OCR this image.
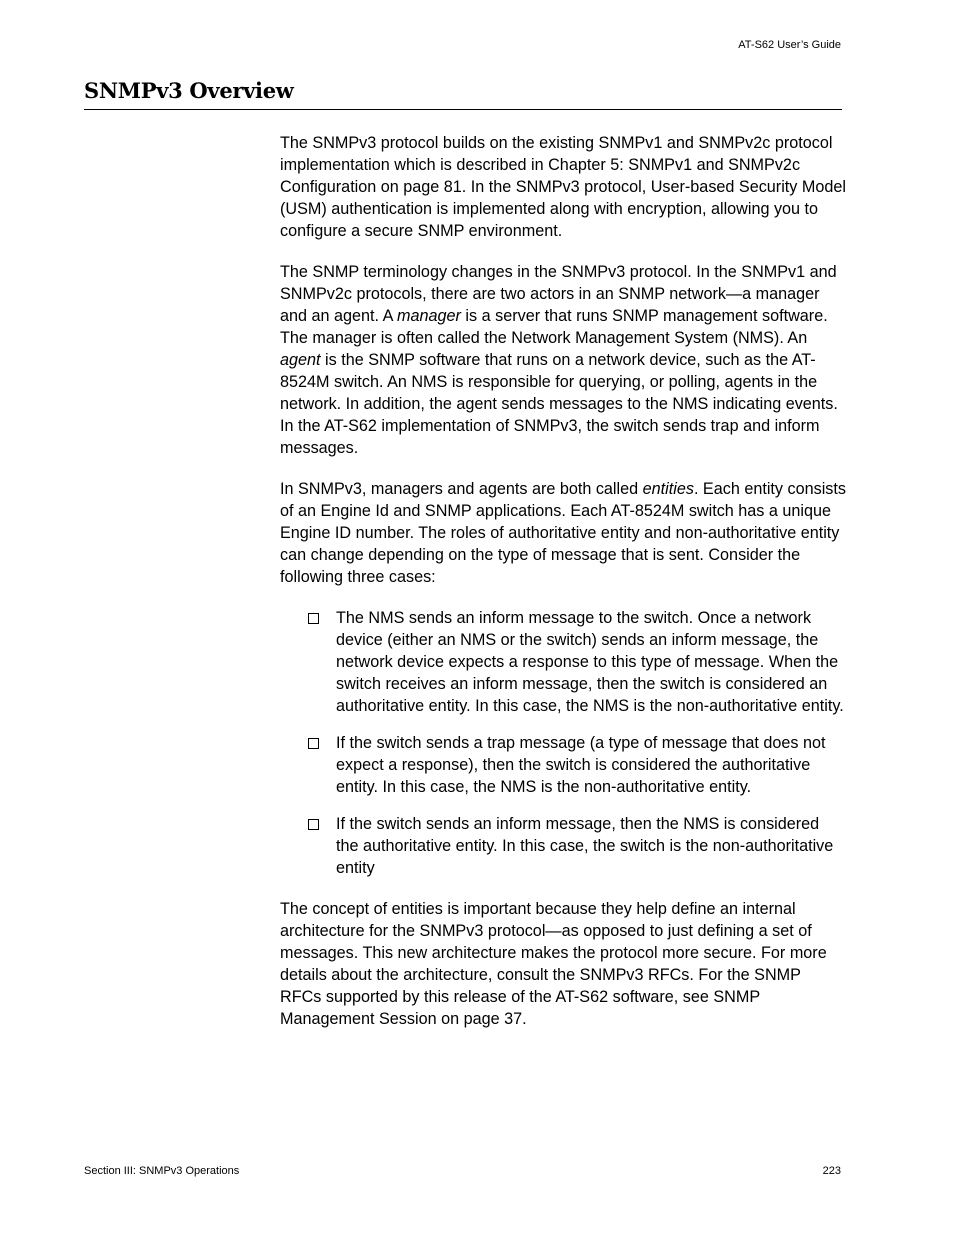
AT-S62 User’s Guide
SNMPv3 Overview

The SNMPv3 protocol builds on the existing SNMPv1 and SNMPv2c protocol implementation which is described in Chapter 5: SNMPv1 and SNMPv2c Configuration on page 81. In the SNMPv3 protocol, User-based Security Model (USM) authentication is implemented along with encryption, allowing you to configure a secure SNMP environment.

The SNMP terminology changes in the SNMPv3 protocol. In the SNMPv1 and SNMPv2c protocols, there are two actors in an SNMP network—a manager and an agent. A manager is a server that runs SNMP management software. The manager is often called the Network Management System (NMS). An agent is the SNMP software that runs on a network device, such as the AT-8524M switch. An NMS is responsible for querying, or polling, agents in the network. In addition, the agent sends messages to the NMS indicating events. In the AT-S62 implementation of SNMPv3, the switch sends trap and inform messages.

In SNMPv3, managers and agents are both called entities. Each entity consists of an Engine Id and SNMP applications. Each AT-8524M switch has a unique Engine ID number. The roles of authoritative entity and non-authoritative entity can change depending on the type of message that is sent. Consider the following three cases:

The NMS sends an inform message to the switch. Once a network device (either an NMS or the switch) sends an inform message, the network device expects a response to this type of message. When the switch receives an inform message, then the switch is considered an authoritative entity. In this case, the NMS is the non-authoritative entity.
If the switch sends a trap message (a type of message that does not expect a response), then the switch is considered the authoritative entity. In this case, the NMS is the non-authoritative entity.
If the switch sends an inform message, then the NMS is considered the authoritative entity. In this case, the switch is the non-authoritative entity

The concept of entities is important because they help define an internal architecture for the SNMPv3 protocol—as opposed to just defining a set of messages. This new architecture makes the protocol more secure. For more details about the architecture, consult the SNMPv3 RFCs. For the SNMP RFCs supported by this release of the AT-S62 software, see SNMP Management Session on page 37.

Section III: SNMPv3 Operations	223
